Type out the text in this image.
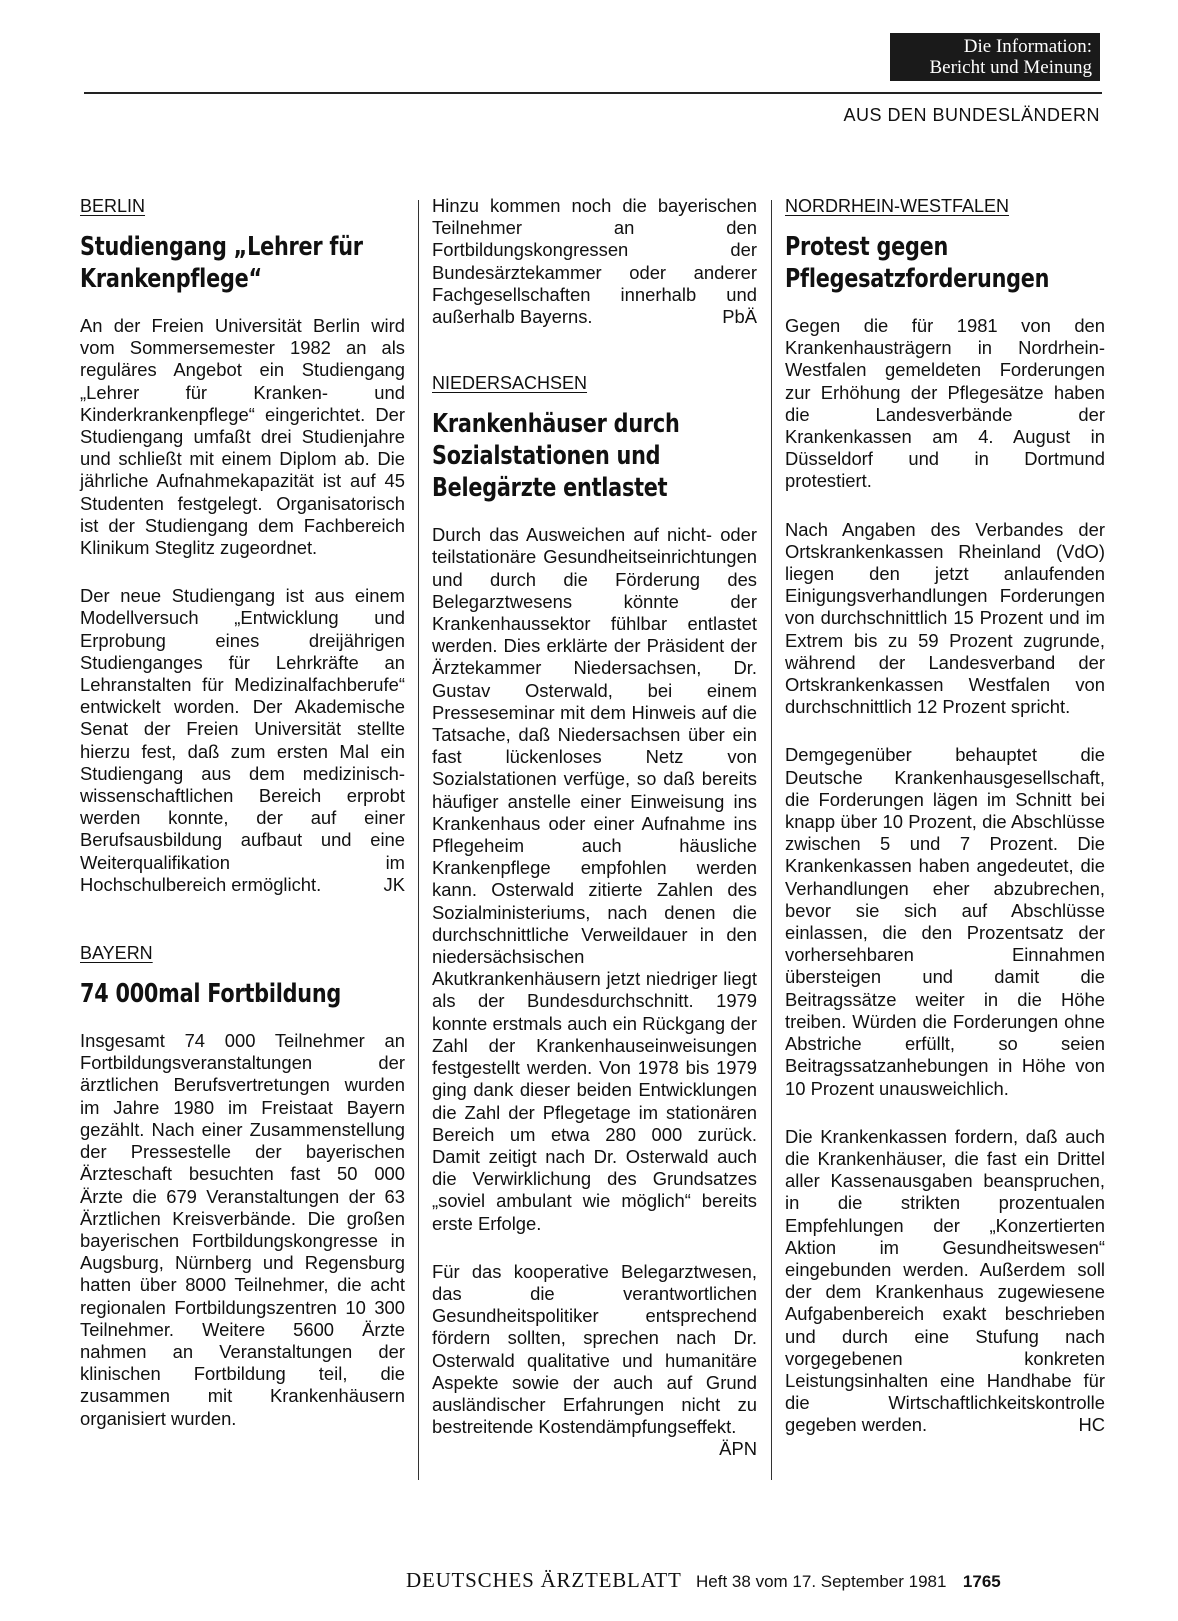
Die Information:
Bericht und Meinung
AUS DEN BUNDESLÄNDERN
BERLIN
Studiengang „Lehrer für Krankenpflege“

An der Freien Universität Berlin wird vom Sommersemester 1982 an als reguläres Angebot ein Studiengang „Lehrer für Kranken- und Kinderkrankenpflege“ eingerichtet. Der Studiengang umfaßt drei Studienjahre und schließt mit einem Diplom ab. Die jährliche Aufnahmekapazität ist auf 45 Studenten festgelegt. Organisatorisch ist der Studiengang dem Fachbereich Klinikum Steglitz zugeordnet.

Der neue Studiengang ist aus einem Modellversuch „Entwicklung und Erprobung eines dreijährigen Studienganges für Lehrkräfte an Lehranstalten für Medizinalfachberufe“ entwickelt worden. Der Akademische Senat der Freien Universität stellte hierzu fest, daß zum ersten Mal ein Studiengang aus dem medizinisch-wissenschaftlichen Bereich erprobt werden konnte, der auf einer Berufsausbildung aufbaut und eine Weiterqualifikation im Hochschulbereich ermöglicht.	JK

BAYERN
74 000mal Fortbildung

Insgesamt 74 000 Teilnehmer an Fortbildungsveranstaltungen der ärztlichen Berufsvertretungen wurden im Jahre 1980 im Freistaat Bayern gezählt. Nach einer Zusammenstellung der Pressestelle der bayerischen Ärzteschaft besuchten fast 50 000 Ärzte die 679 Veranstaltungen der 63 Ärztlichen Kreisverbände. Die großen bayerischen Fortbildungskongresse in Augsburg, Nürnberg und Regensburg hatten über 8000 Teilnehmer, die acht regionalen Fortbildungszentren 10 300 Teilnehmer. Weitere 5600 Ärzte nahmen an Veranstaltungen der klinischen Fortbildung teil, die zusammen mit Krankenhäusern organisiert wurden.

Hinzu kommen noch die bayerischen Teilnehmer an den Fortbildungskongressen der Bundesärztekammer oder anderer Fachgesellschaften innerhalb und außerhalb Bayerns.	PbÄ

NIEDERSACHSEN
Krankenhäuser durch Sozialstationen und Belegärzte entlastet

Durch das Ausweichen auf nicht- oder teilstationäre Gesundheitseinrichtungen und durch die Förderung des Belegarztwesens könnte der Krankenhaussektor fühlbar entlastet werden. Dies erklärte der Präsident der Ärztekammer Niedersachsen, Dr. Gustav Osterwald, bei einem Presseseminar mit dem Hinweis auf die Tatsache, daß Niedersachsen über ein fast lückenloses Netz von Sozialstationen verfüge, so daß bereits häufiger anstelle einer Einweisung ins Krankenhaus oder einer Aufnahme ins Pflegeheim auch häusliche Krankenpflege empfohlen werden kann. Osterwald zitierte Zahlen des Sozialministeriums, nach denen die durchschnittliche Verweildauer in den niedersächsischen Akutkrankenhäusern jetzt niedriger liegt als der Bundesdurchschnitt. 1979 konnte erstmals auch ein Rückgang der Zahl der Krankenhauseinweisungen festgestellt werden. Von 1978 bis 1979 ging dank dieser beiden Entwicklungen die Zahl der Pflegetage im stationären Bereich um etwa 280 000 zurück. Damit zeitigt nach Dr. Osterwald auch die Verwirklichung des Grundsatzes „soviel ambulant wie möglich“ bereits erste Erfolge.

Für das kooperative Belegarztwesen, das die verantwortlichen Gesundheitspolitiker entsprechend fördern sollten, sprechen nach Dr. Osterwald qualitative und humanitäre Aspekte sowie der auch auf Grund ausländischer Erfahrungen nicht zu bestreitende Kostendämpfungseffekt.
ÄPN

NORDRHEIN-WESTFALEN
Protest gegen Pflegesatzforderungen

Gegen die für 1981 von den Krankenhausträgern in Nordrhein-Westfalen gemeldeten Forderungen zur Erhöhung der Pflegesätze haben die Landesverbände der Krankenkassen am 4. August in Düsseldorf und in Dortmund protestiert.

Nach Angaben des Verbandes der Ortskrankenkassen Rheinland (VdO) liegen den jetzt anlaufenden Einigungsverhandlungen Forderungen von durchschnittlich 15 Prozent und im Extrem bis zu 59 Prozent zugrunde, während der Landesverband der Ortskrankenkassen Westfalen von durchschnittlich 12 Prozent spricht.

Demgegenüber behauptet die Deutsche Krankenhausgesellschaft, die Forderungen lägen im Schnitt bei knapp über 10 Prozent, die Abschlüsse zwischen 5 und 7 Prozent. Die Krankenkassen haben angedeutet, die Verhandlungen eher abzubrechen, bevor sie sich auf Abschlüsse einlassen, die den Prozentsatz der vorhersehbaren Einnahmen übersteigen und damit die Beitragssätze weiter in die Höhe treiben. Würden die Forderungen ohne Abstriche erfüllt, so seien Beitragssatzanhebungen in Höhe von 10 Prozent unausweichlich.

Die Krankenkassen fordern, daß auch die Krankenhäuser, die fast ein Drittel aller Kassenausgaben beanspruchen, in die strikten prozentualen Empfehlungen der „Konzertierten Aktion im Gesundheitswesen“ eingebunden werden. Außerdem soll der dem Krankenhaus zugewiesene Aufgabenbereich exakt beschrieben und durch eine Stufung nach vorgegebenen konkreten Leistungsinhalten eine Handhabe für die Wirtschaftlichkeitskontrolle gegeben werden.	HC

DEUTSCHES ÄRZTEBLATT Heft 38 vom 17. September 1981 1765
